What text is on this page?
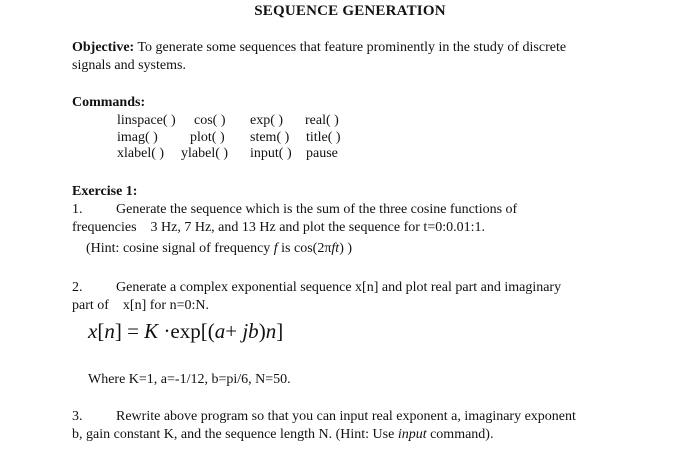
SEQUENCE GENERATION
Objective: To generate some sequences that feature prominently in the study of discrete
signals and systems.
Commands:
linspace( ) cos( ) exp( ) real( )
imag( ) plot( ) stem( ) title( )
xlabel( ) ylabel( ) input( ) pause
Exercise 1:
1. Generate the sequence which is the sum of the three cosine functions of
frequencies    3 Hz, 7 Hz, and 13 Hz and plot the sequence for t=0:0.01:1.
(Hint: cosine signal of frequency f is cos(2πft) )
2. Generate a complex exponential sequence x[n] and plot real part and imaginary
part of    x[n] for n=0:N.
x[n] = K ·exp[(a+ jb)n]
Where K=1, a=-1/12, b=pi/6, N=50.
3. Rewrite above program so that you can input real exponent a, imaginary exponent
b, gain constant K, and the sequence length N. (Hint: Use input command).
